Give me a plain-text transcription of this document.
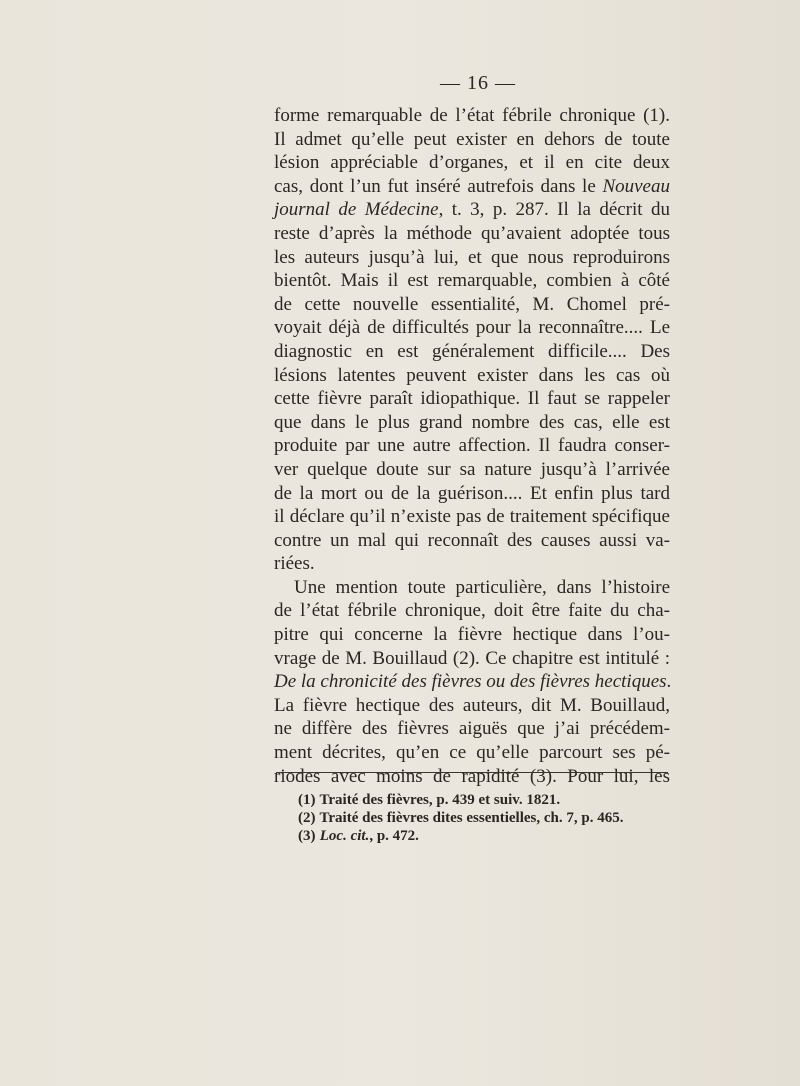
— 16 —
forme remarquable de l’état fébrile chronique (1).
Il admet qu’elle peut exister en dehors de toute
lésion appréciable d’organes, et il en cite deux
cas, dont l’un fut inséré autrefois dans le Nouveau
journal de Médecine, t. 3, p. 287. Il la décrit du
reste d’après la méthode qu’avaient adoptée tous
les auteurs jusqu’à lui, et que nous reproduirons
bientôt. Mais il est remarquable, combien à côté
de cette nouvelle essentialité, M. Chomel pré-
voyait déjà de difficultés pour la reconnaître.... Le
diagnostic en est généralement difficile.... Des
lésions latentes peuvent exister dans les cas où
cette fièvre paraît idiopathique. Il faut se rappeler
que dans le plus grand nombre des cas, elle est
produite par une autre affection. Il faudra conser-
ver quelque doute sur sa nature jusqu’à l’arrivée
de la mort ou de la guérison.... Et enfin plus tard
il déclare qu’il n’existe pas de traitement spécifique
contre un mal qui reconnaît des causes aussi va-
riées.
Une mention toute particulière, dans l’histoire
de l’état fébrile chronique, doit être faite du cha-
pitre qui concerne la fièvre hectique dans l’ou-
vrage de M. Bouillaud (2). Ce chapitre est intitulé :
De la chronicité des fièvres ou des fièvres hectiques.
La fièvre hectique des auteurs, dit M. Bouillaud,
ne diffère des fièvres aiguës que j’ai précédem-
ment décrites, qu’en ce qu’elle parcourt ses pé-
riodes avec moins de rapidité (3). Pour lui, les
(1) Traité des fièvres, p. 439 et suiv. 1821.
(2) Traité des fièvres dites essentielles, ch. 7, p. 465.
(3) Loc. cit., p. 472.
